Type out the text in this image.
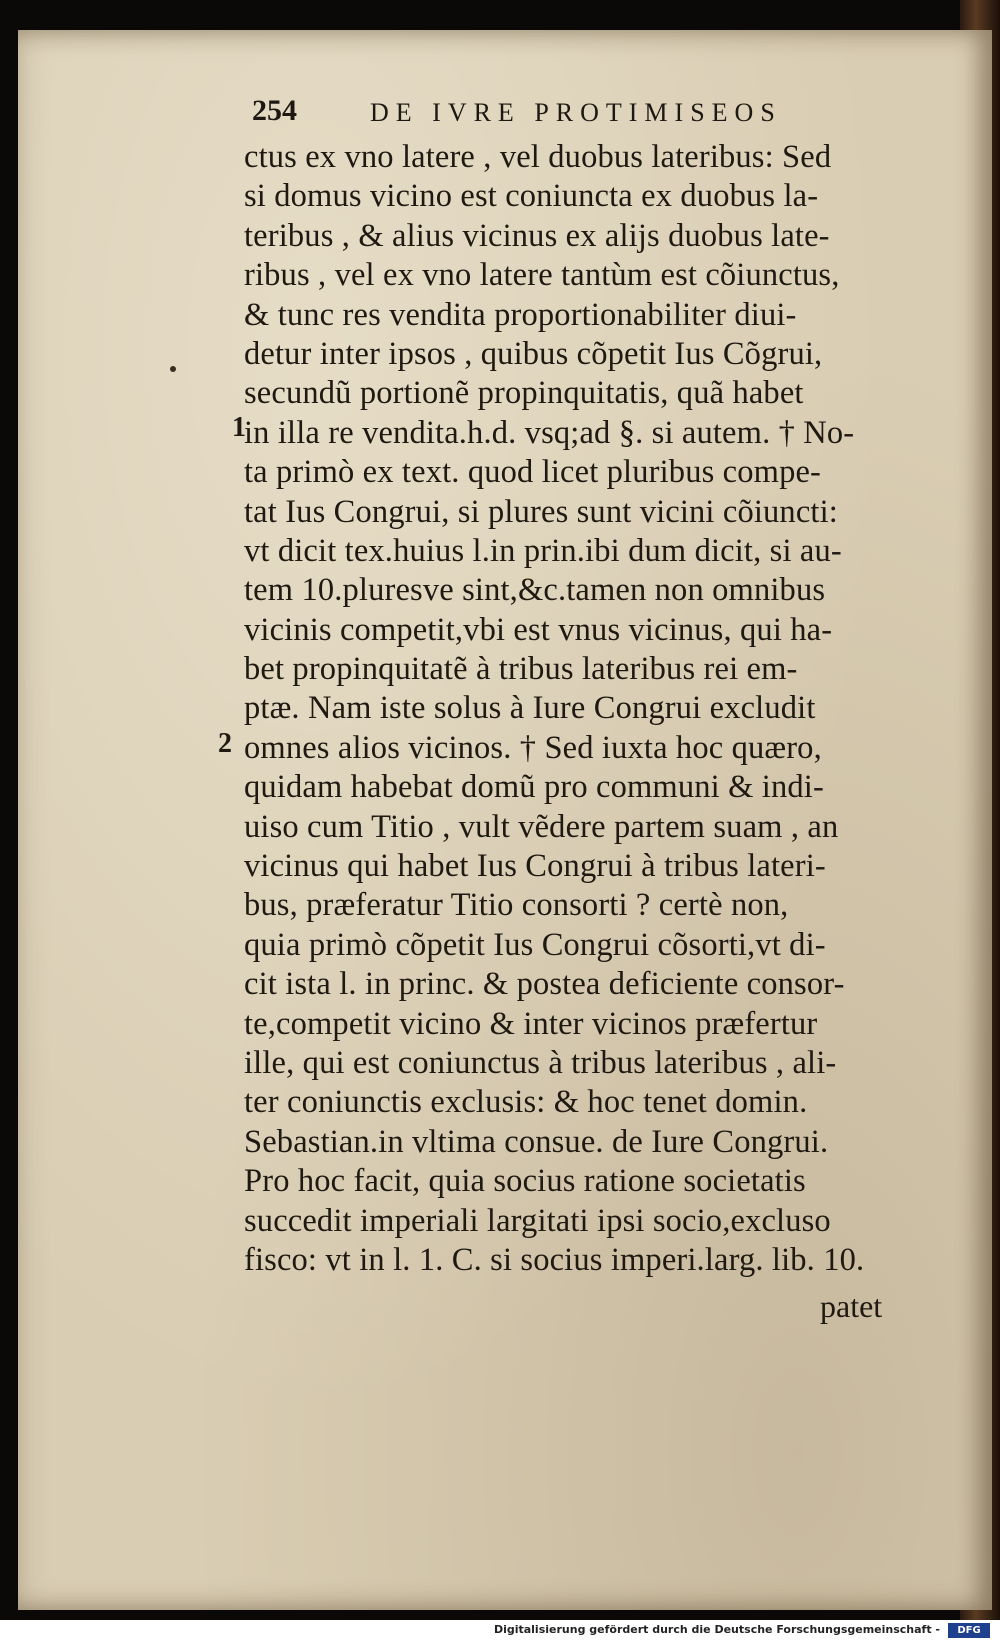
254	DE IVRE PROTIMISEOS
1
2
ctus ex vno latere , vel duobus lateribus: Sed
si domus vicino est coniuncta ex duobus la-
teribus , & alius vicinus ex alijs duobus late-
ribus , vel ex vno latere tantùm est cõiunctus,
& tunc res vendita proportionabiliter diui-
detur inter ipsos , quibus cõpetit Ius Cõgrui,
secundũ portionẽ propinquitatis, quã habet
in illa re vendita.h.d. vsq;ad §. si autem. † No-
ta primò ex text. quod licet pluribus compe-
tat Ius Congrui, si plures sunt vicini cõiuncti:
vt dicit tex.huius l.in prin.ibi dum dicit, si au-
tem 10.pluresve sint,&c.tamen non omnibus
vicinis competit,vbi est vnus vicinus, qui ha-
bet propinquitatẽ à tribus lateribus rei em-
ptæ. Nam iste solus à Iure Congrui excludit
omnes alios vicinos. † Sed iuxta hoc quæro,
quidam habebat domũ pro communi & indi-
uiso cum Titio , vult vẽdere partem suam , an
vicinus qui habet Ius Congrui à tribus lateri-
bus, præferatur Titio consorti ? certè non,
quia primò cõpetit Ius Congrui cõsorti,vt di-
cit ista l. in princ. & postea deficiente consor-
te,competit vicino & inter vicinos præfertur
ille, qui est coniunctus à tribus lateribus , ali-
ter coniunctis exclusis: & hoc tenet domin.
Sebastian.in vltima consue. de Iure Congrui.
Pro hoc facit, quia socius ratione societatis
succedit imperiali largitati ipsi socio,excluso
fisco: vt in l. 1. C. si socius imperi.larg. lib. 10.
patet
Digitalisierung gefördert durch die Deutsche Forschungsgemeinschaft -	DFG
